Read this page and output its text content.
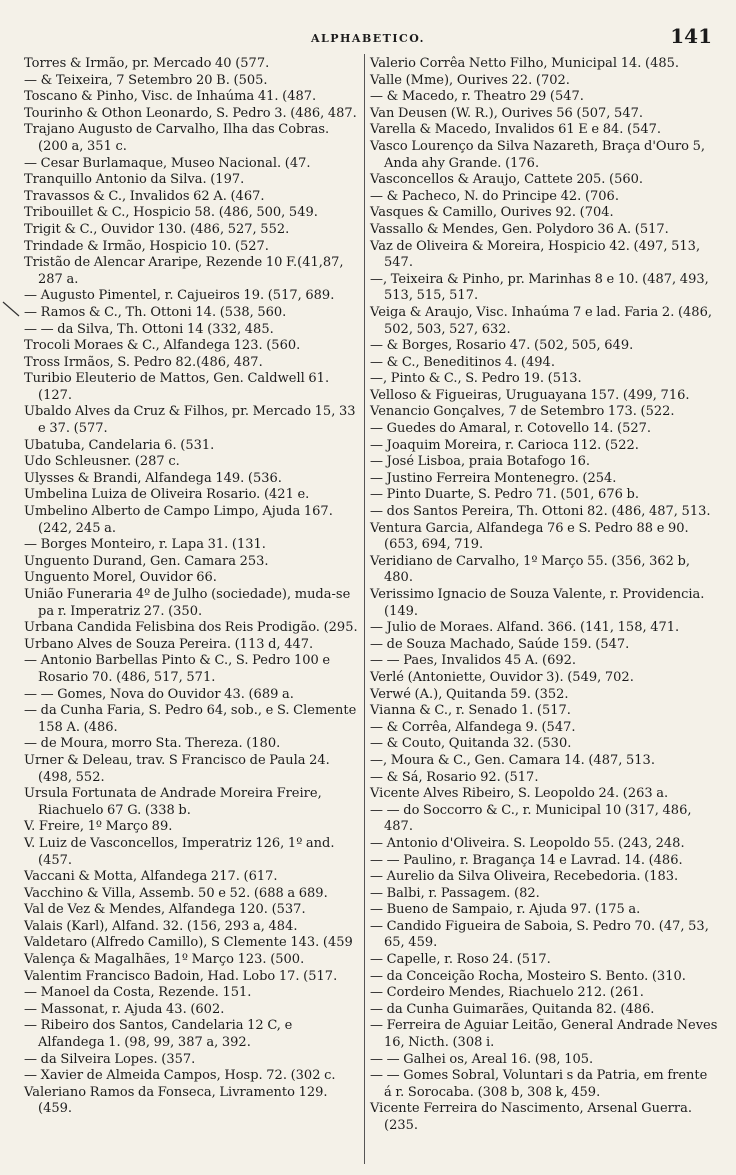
ALPHABETICO.	141
Torres & Irmão, pr. Mercado 40 (577.
— & Teixeira, 7 Setembro 20 B. (505.
Toscano & Pinho, Visc. de Inhaúma 41. (487.
Tourinho & Othon Leonardo, S. Pedro 3. (486, 487.
Trajano Augusto de Carvalho, Ilha das Cobras. (200 a, 351 c.
— Cesar Burlamaque, Museo Nacional. (47.
Tranquillo Antonio da Silva. (197.
Travassos & C., Invalidos 62 A. (467.
Tribouillet & C., Hospicio 58. (486, 500, 549.
Trigit & C., Ouvidor 130. (486, 527, 552.
Trindade & Irmão, Hospicio 10. (527.
Tristão de Alencar Araripe, Rezende 10 F.(41,87, 287 a.
— Augusto Pimentel, r. Cajueiros 19. (517, 689.
— Ramos & C., Th. Ottoni 14. (538, 560.
— — da Silva, Th. Ottoni 14 (332, 485.
Trocoli Moraes & C., Alfandega 123. (560.
Tross Irmãos, S. Pedro 82.(486, 487.
Turibio Eleuterio de Mattos, Gen. Caldwell 61. (127.
Ubaldo Alves da Cruz & Filhos, pr. Mercado 15, 33 e 37. (577.
Ubatuba, Candelaria 6. (531.
Udo Schleusner. (287 c.
Ulysses & Brandi, Alfandega 149. (536.
Umbelina Luiza de Oliveira Rosario. (421 e.
Umbelino Alberto de Campo Limpo, Ajuda 167. (242, 245 a.
— Borges Monteiro, r. Lapa 31. (131.
Unguento Durand, Gen. Camara 253.
Unguento Morel, Ouvidor 66.
União Funeraria 4º de Julho (sociedade), muda-se pa r. Imperatriz 27. (350.
Urbana Candida Felisbina dos Reis Prodigão. (295.
Urbano Alves de Souza Pereira. (113 d, 447.
— Antonio Barbellas Pinto & C., S. Pedro 100 e Rosario 70. (486, 517, 571.
— — Gomes, Nova do Ouvidor 43. (689 a.
— da Cunha Faria, S. Pedro 64, sob., e S. Clemente 158 A. (486.
— de Moura, morro Sta. Thereza. (180.
Urner & Deleau, trav. S Francisco de Paula 24. (498, 552.
Ursula Fortunata de Andrade Moreira Freire, Riachuelo 67 G. (338 b.
V. Freire, 1º Março 89.
V. Luiz de Vasconcellos, Imperatriz 126, 1º and. (457.
Vaccani & Motta, Alfandega 217. (617.
Vacchino & Villa, Assemb. 50 e 52. (688 a 689.
Val de Vez & Mendes, Alfandega 120. (537.
Valais (Karl), Alfand. 32. (156, 293 a, 484.
Valdetaro (Alfredo Camillo), S Clemente 143. (459
Valença & Magalhães, 1º Março 123. (500.
Valentim Francisco Badoin, Had. Lobo 17. (517.
— Manoel da Costa, Rezende. 151.
— Massonat, r. Ajuda 43. (602.
— Ribeiro dos Santos, Candelaria 12 C, e Alfandega 1. (98, 99, 387 a, 392.
— da Silveira Lopes. (357.
— Xavier de Almeida Campos, Hosp. 72. (302 c.
Valeriano Ramos da Fonseca, Livramento 129. (459.
Valerio Corrêa Netto Filho, Municipal 14. (485.
Valle (Mme), Ourives 22. (702.
— & Macedo, r. Theatro 29 (547.
Van Deusen (W. R.), Ourives 56 (507, 547.
Varella & Macedo, Invalidos 61 E e 84. (547.
Vasco Lourenço da Silva Nazareth, Braça d'Ouro 5, Anda ahy Grande. (176.
Vasconcellos & Araujo, Cattete 205. (560.
— & Pacheco, N. do Principe 42. (706.
Vasques & Camillo, Ourives 92. (704.
Vassallo & Mendes, Gen. Polydoro 36 A. (517.
Vaz de Oliveira & Moreira, Hospicio 42. (497, 513, 547.
—, Teixeira & Pinho, pr. Marinhas 8 e 10. (487, 493, 513, 515, 517.
Veiga & Araujo, Visc. Inhaúma 7 e lad. Faria 2. (486, 502, 503, 527, 632.
— & Borges, Rosario 47. (502, 505, 649.
— & C., Beneditinos 4. (494.
—, Pinto & C., S. Pedro 19. (513.
Velloso & Figueiras, Uruguayana 157. (499, 716.
Venancio Gonçalves, 7 de Setembro 173. (522.
— Guedes do Amaral, r. Cotovello 14. (527.
— Joaquim Moreira, r. Carioca 112. (522.
— José Lisboa, praia Botafogo 16.
— Justino Ferreira Montenegro. (254.
— Pinto Duarte, S. Pedro 71. (501, 676 b.
— dos Santos Pereira, Th. Ottoni 82. (486, 487, 513.
Ventura Garcia, Alfandega 76 e S. Pedro 88 e 90. (653, 694, 719.
Veridiano de Carvalho, 1º Março 55. (356, 362 b, 480.
Verissimo Ignacio de Souza Valente, r. Providencia. (149.
— Julio de Moraes. Alfand. 366. (141, 158, 471.
— de Souza Machado, Saúde 159. (547.
— — Paes, Invalidos 45 A. (692.
Verlé (Antoniette, Ouvidor 3). (549, 702.
Verwé (A.), Quitanda 59. (352.
Vianna & C., r. Senado 1. (517.
— & Corrêa, Alfandega 9. (547.
— & Couto, Quitanda 32. (530.
—, Moura & C., Gen. Camara 14. (487, 513.
— & Sá, Rosario 92. (517.
Vicente Alves Ribeiro, S. Leopoldo 24. (263 a.
— — do Soccorro & C., r. Municipal 10 (317, 486, 487.
— Antonio d'Oliveira. S. Leopoldo 55. (243, 248.
— — Paulino, r. Bragança 14 e Lavrad. 14. (486.
— Aurelio da Silva Oliveira, Recebedoria. (183.
— Balbi, r. Passagem. (82.
— Bueno de Sampaio, r. Ajuda 97. (175 a.
— Candido Figueira de Saboia, S. Pedro 70. (47, 53, 65, 459.
— Capelle, r. Roso 24. (517.
— da Conceição Rocha, Mosteiro S. Bento. (310.
— Cordeiro Mendes, Riachuelo 212. (261.
— da Cunha Guimarães, Quitanda 82. (486.
— Ferreira de Aguiar Leitão, General Andrade Neves 16, Nicth. (308 i.
— — Galhei os, Areal 16. (98, 105.
— — Gomes Sobral, Voluntari s da Patria, em frente á r. Sorocaba. (308 b, 308 k, 459.
Vicente Ferreira do Nascimento, Arsenal Guerra. (235.
